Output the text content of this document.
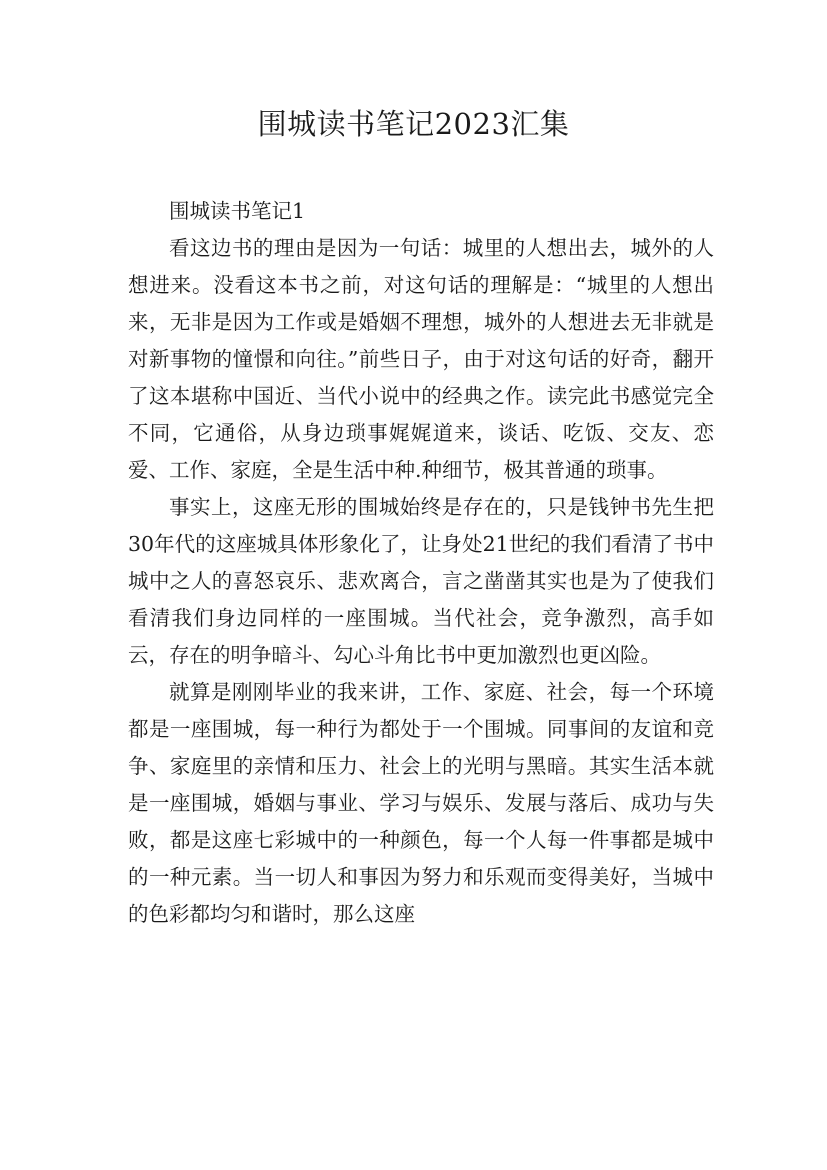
围城读书笔记2023汇集

围城读书笔记1

看这边书的理由是因为一句话：城里的人想出去，城外的人想进来。没看这本书之前，对这句话的理解是：“城里的人想出来，无非是因为工作或是婚姻不理想，城外的人想进去无非就是对新事物的憧憬和向往。”前些日子，由于对这句话的好奇，翻开了这本堪称中国近、当代小说中的经典之作。读完此书感觉完全不同，它通俗，从身边琐事娓娓道来，谈话、吃饭、交友、恋爱、工作、家庭，全是生活中种.种细节，极其普通的琐事。

事实上，这座无形的围城始终是存在的，只是钱钟书先生把30年代的这座城具体形象化了，让身处21世纪的我们看清了书中城中之人的喜怒哀乐、悲欢离合，言之凿凿其实也是为了使我们看清我们身边同样的一座围城。当代社会，竞争激烈，高手如云，存在的明争暗斗、勾心斗角比书中更加激烈也更凶险。

就算是刚刚毕业的我来讲，工作、家庭、社会，每一个环境都是一座围城，每一种行为都处于一个围城。同事间的友谊和竞争、家庭里的亲情和压力、社会上的光明与黑暗。其实生活本就是一座围城，婚姻与事业、学习与娱乐、发展与落后、成功与失败，都是这座七彩城中的一种颜色，每一个人每一件事都是城中的一种元素。当一切人和事因为努力和乐观而变得美好，当城中的色彩都均匀和谐时，那么这座
